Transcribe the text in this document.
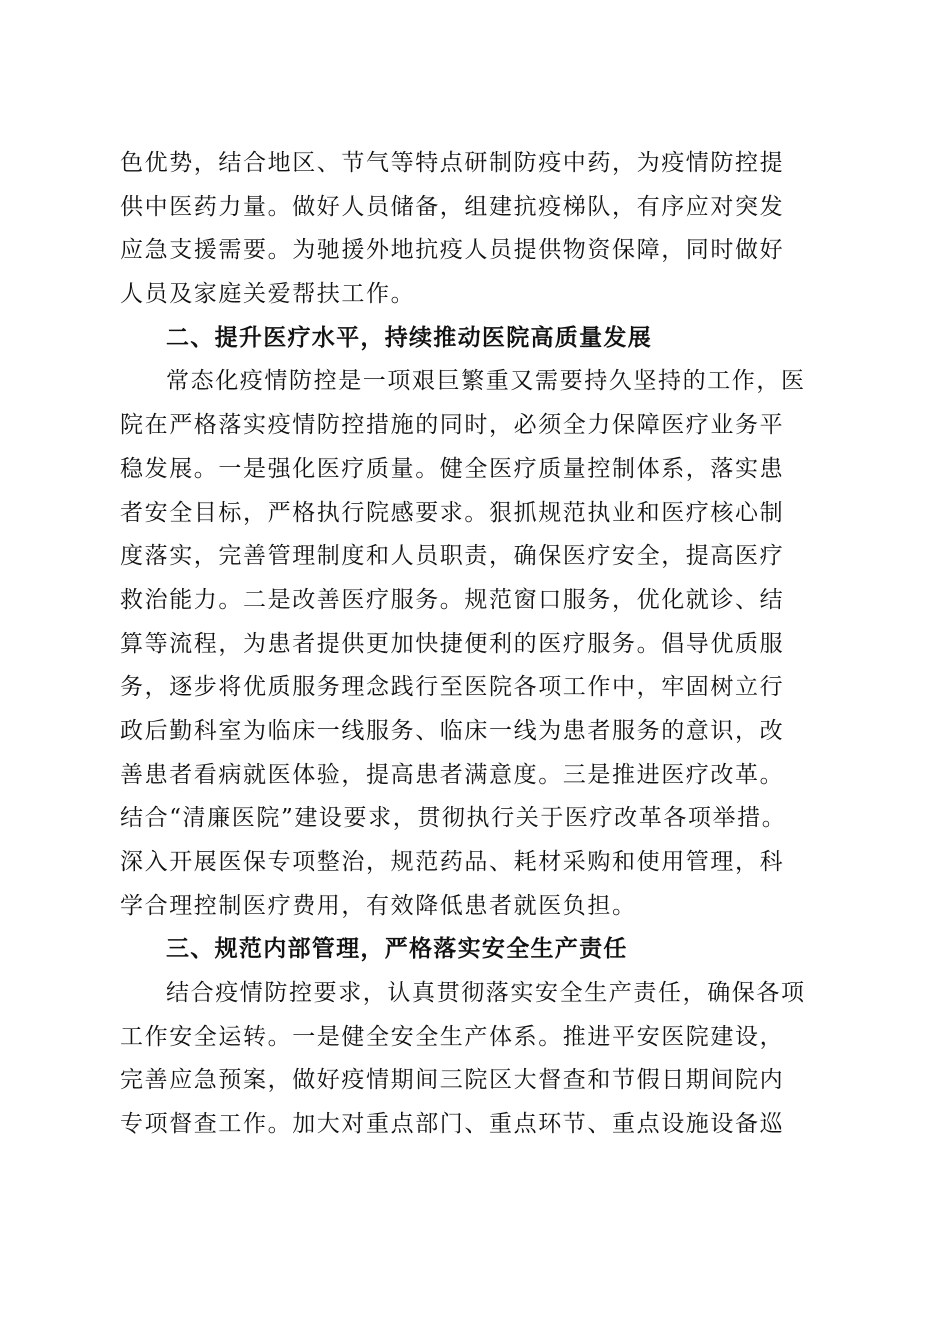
色优势，结合地区、节气等特点研制防疫中药，为疫情防控提
供中医药力量。做好人员储备，组建抗疫梯队，有序应对突发
应急支援需要。为驰援外地抗疫人员提供物资保障，同时做好
人员及家庭关爱帮扶工作。
二、提升医疗水平，持续推动医院高质量发展
常态化疫情防控是一项艰巨繁重又需要持久坚持的工作，医
院在严格落实疫情防控措施的同时，必须全力保障医疗业务平
稳发展。一是强化医疗质量。健全医疗质量控制体系，落实患
者安全目标，严格执行院感要求。狠抓规范执业和医疗核心制
度落实，完善管理制度和人员职责，确保医疗安全，提高医疗
救治能力。二是改善医疗服务。规范窗口服务，优化就诊、结
算等流程，为患者提供更加快捷便利的医疗服务。倡导优质服
务，逐步将优质服务理念践行至医院各项工作中，牢固树立行
政后勤科室为临床一线服务、临床一线为患者服务的意识，改
善患者看病就医体验，提高患者满意度。三是推进医疗改革。
结合“清廉医院”建设要求，贯彻执行关于医疗改革各项举措。
深入开展医保专项整治，规范药品、耗材采购和使用管理，科
学合理控制医疗费用，有效降低患者就医负担。
三、规范内部管理，严格落实安全生产责任
结合疫情防控要求，认真贯彻落实安全生产责任，确保各项
工作安全运转。一是健全安全生产体系。推进平安医院建设，
完善应急预案，做好疫情期间三院区大督查和节假日期间院内
专项督查工作。加大对重点部门、重点环节、重点设施设备巡
